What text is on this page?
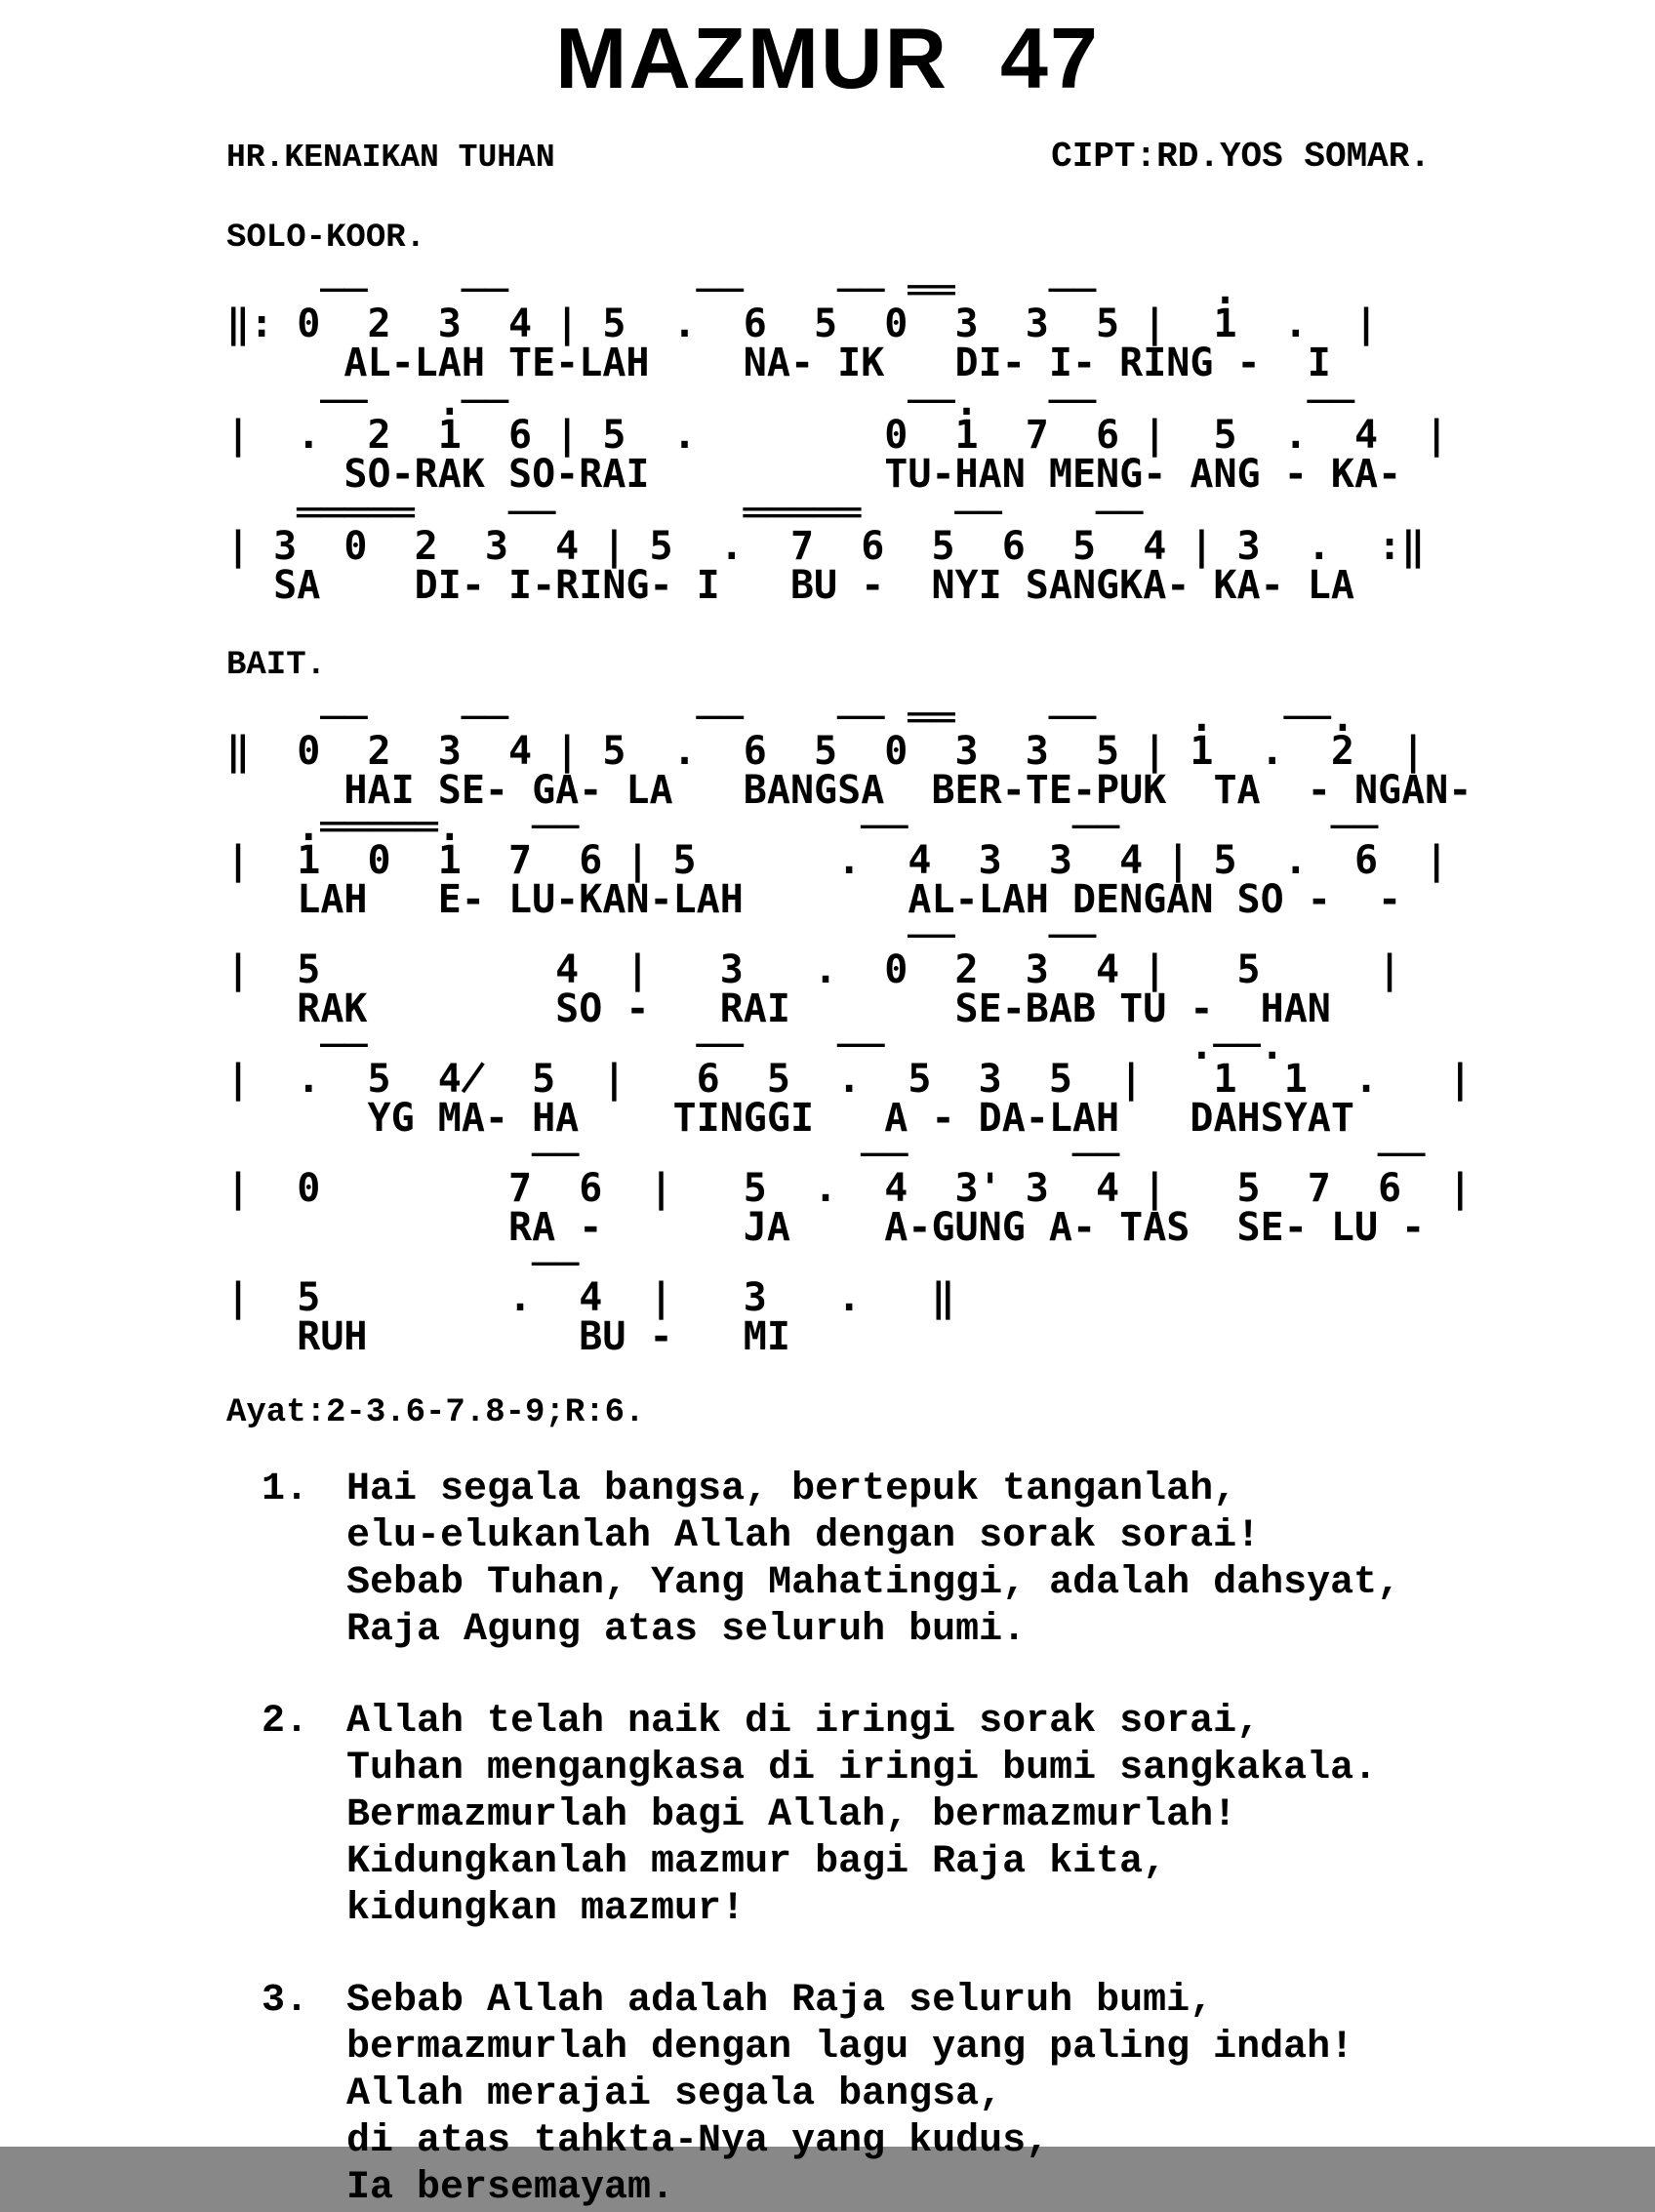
MAZMUR  47
HR.KENAIKAN TUHAN	CIPT:RD.YOS SOMAR.
SOLO-KOOR.
──    ──        ──    ── ══    ──     .
‖: 0  2  3  4 | 5  .  6  5  0  3  3  5 |  1  .  |
AL-LAH TE-LAH    NA- IK   DI- I- RING -  I
──   .──                 ──.   ──         ──
|  .  2  1  6 | 5  .        0  1  7  6 |  5  .  4  |
SO-RAK SO-RAI          TU-HAN MENG- ANG - KA-
═════    ──        ═════    ──    ──
| 3  0  2  3  4 | 5  .  7  6  5  6  5  4 | 3  .  :‖
SA    DI- I-RING- I   BU -  NYI SANGKA- KA- LA
BAIT.
──    ──        ──    ── ══    ──    .   ──.
‖  0  2  3  4 | 5  .  6  5  0  3  3  5 | 1  .  2  |
HAI SE- GA- LA   BANGSA  BER-TE-PUK  TA  - NGAN-
.═════.   ──            ──       ──         ──
|  1  0  1  7  6 | 5      .  4  3  3  4 | 5  .  6  |
LAH   E- LU-KAN-LAH       AL-LAH DENGAN SO -  -
──    ──
|  5          4  |   3   .  0  2  3  4 |   5     |
RAK        SO -   RAI       SE-BAB TU -  HAN
──              ──    ──             .──.
|  .  5  4̸  5  |   6  5  .  5  3  5  |   1  1  .   |
YG MA- HA    TINGGI   A - DA-LAH   DAHSYAT
──            ──       ──           ──
|  0        7  6  |   5  .  4  3' 3  4 |   5  7  6  |
RA -      JA    A-GUNG A- TAS  SE- LU -
──
|  5        .  4  |   3   .   ‖
RUH         BU -   MI
Ayat:2-3.6-7.8-9;R:6.
1. Hai segala bangsa, bertepuk tanganlah,
elu-elukanlah Allah dengan sorak sorai!
Sebab Tuhan, Yang Mahatinggi, adalah dahsyat,
Raja Agung atas seluruh bumi.
2. Allah telah naik di iringi sorak sorai,
Tuhan mengangkasa di iringi bumi sangkakala.
Bermazmurlah bagi Allah, bermazmurlah!
Kidungkanlah mazmur bagi Raja kita,
kidungkan mazmur!
3. Sebab Allah adalah Raja seluruh bumi,
bermazmurlah dengan lagu yang paling indah!
Allah merajai segala bangsa,
di atas tahkta-Nya yang kudus,
Ia bersemayam.
